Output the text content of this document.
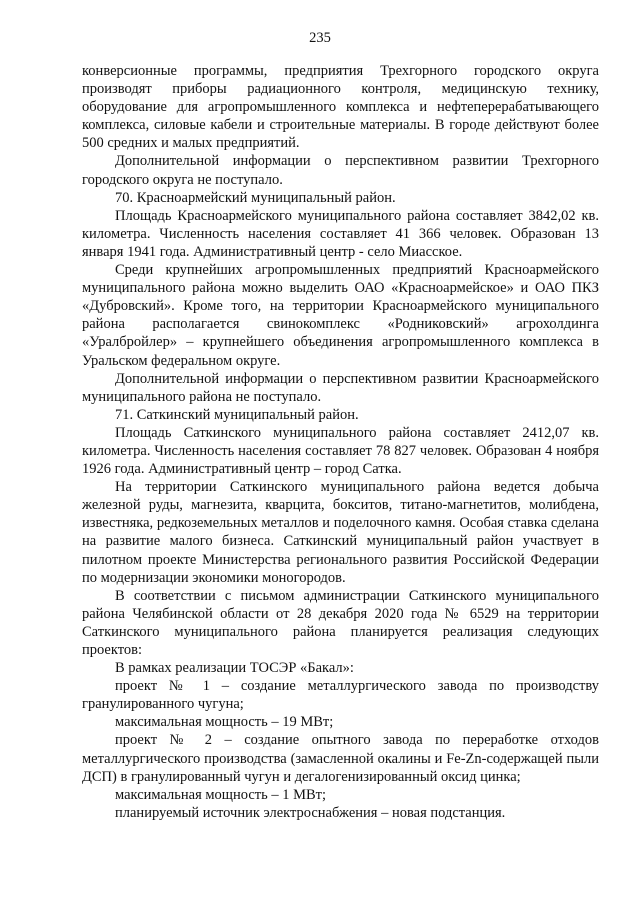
235

конверсионные программы, предприятия Трехгорного городского округа производят приборы радиационного контроля, медицинскую технику, оборудование для агропромышленного комплекса и нефтеперерабатывающего комплекса, силовые кабели и строительные материалы. В городе действуют более 500 средних и малых предприятий.

Дополнительной информации о перспективном развитии Трехгорного городского округа не поступало.

70. Красноармейский муниципальный район.

Площадь Красноармейского муниципального района составляет 3842,02 кв. километра. Численность населения составляет 41 366 человек. Образован 13 января 1941 года. Административный центр - село Миасское.

Среди крупнейших агропромышленных предприятий Красноармейского муниципального района можно выделить ОАО «Красноармейское» и ОАО ПКЗ «Дубровский». Кроме того, на территории Красноармейского муниципального района располагается свинокомплекс «Родниковский» агрохолдинга «Уралбройлер» – крупнейшего объединения агропромышленного комплекса в Уральском федеральном округе.

Дополнительной информации о перспективном развитии Красноармейского муниципального района не поступало.

71. Саткинский муниципальный район.

Площадь Саткинского муниципального района составляет 2412,07 кв. километра. Численность населения составляет 78 827 человек. Образован 4 ноября 1926 года. Административный центр – город Сатка.

На территории Саткинского муниципального района ведется добыча железной руды, магнезита, кварцита, бокситов, титано-магнетитов, молибдена, известняка, редкоземельных металлов и поделочного камня. Особая ставка сделана на развитие малого бизнеса. Саткинский муниципальный район участвует в пилотном проекте Министерства регионального развития Российской Федерации по модернизации экономики моногородов.

В соответствии с письмом администрации Саткинского муниципального района Челябинской области от 28 декабря 2020 года № 6529 на территории Саткинского муниципального района планируется реализация следующих проектов:

В рамках реализации ТОСЭР «Бакал»:

проект № 1 – создание металлургического завода по производству гранулированного чугуна;

максимальная мощность – 19 МВт;

проект № 2 – создание опытного завода по переработке отходов металлургического производства (замасленной окалины и Fe-Zn-содержащей пыли ДСП) в гранулированный чугун и дегалогенизированный оксид цинка;

максимальная мощность – 1 МВт;

планируемый источник электроснабжения – новая подстанция.
